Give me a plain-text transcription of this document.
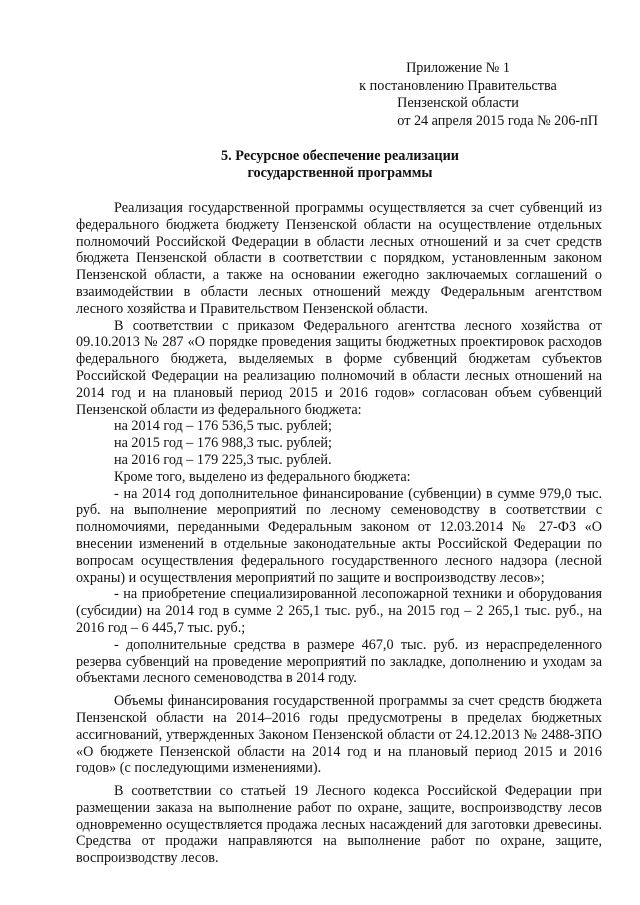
Приложение № 1
к постановлению Правительства
Пензенской области
от 24 апреля 2015 года № 206-пП
5. Ресурсное обеспечение реализации
государственной программы

Реализация государственной программы осуществляется за счет субвенций из федерального бюджета бюджету Пензенской области на осуществление отдельных полномочий Российской Федерации в области лесных отношений и за счет средств бюджета Пензенской области в соответствии с порядком, установленным законом Пензенской области, а также на основании ежегодно заключаемых соглашений о взаимодействии в области лесных отношений между Федеральным агентством лесного хозяйства и Правительством Пензенской области.

В соответствии с приказом Федерального агентства лесного хозяйства от 09.10.2013 № 287 «О порядке проведения защиты бюджетных проектировок расходов федерального бюджета, выделяемых в форме субвенций бюджетам субъектов Российской Федерации на реализацию полномочий в области лесных отношений на 2014 год и на плановый период 2015 и 2016 годов» согласован объем субвенций Пензенской области из федерального бюджета:

на 2014 год – 176 536,5 тыс. рублей;

на 2015 год – 176 988,3 тыс. рублей;

на 2016 год – 179 225,3 тыс. рублей.

Кроме того, выделено из федерального бюджета:

- на 2014 год дополнительное финансирование (субвенции) в сумме 979,0 тыс. руб. на выполнение мероприятий по лесному семеноводству в соответствии с полномочиями, переданными Федеральным законом от 12.03.2014 № 27-ФЗ «О внесении изменений в отдельные законодательные акты Российской Федерации по вопросам осуществления федерального государственного лесного надзора (лесной охраны) и осуществления мероприятий по защите и воспроизводству лесов»;

- на приобретение специализированной лесопожарной техники и оборудования (субсидии) на 2014 год в сумме 2 265,1 тыс. руб., на 2015 год – 2 265,1 тыс. руб., на 2016 год – 6 445,7 тыс. руб.;

- дополнительные средства в размере 467,0 тыс. руб. из нераспределенного резерва субвенций на проведение мероприятий по закладке, дополнению и уходам за объектами лесного семеноводства в 2014 году.

Объемы финансирования государственной программы за счет средств бюджета Пензенской области на 2014–2016 годы предусмотрены в пределах бюджетных ассигнований, утвержденных Законом Пензенской области от 24.12.2013 № 2488-ЗПО «О бюджете Пензенской области на 2014 год и на плановый период 2015 и 2016 годов» (с последующими изменениями).

В соответствии со статьей 19 Лесного кодекса Российской Федерации при размещении заказа на выполнение работ по охране, защите, воспроизводству лесов одновременно осуществляется продажа лесных насаждений для заготовки древесины. Средства от продажи направляются на выполнение работ по охране, защите, воспроизводству лесов.
